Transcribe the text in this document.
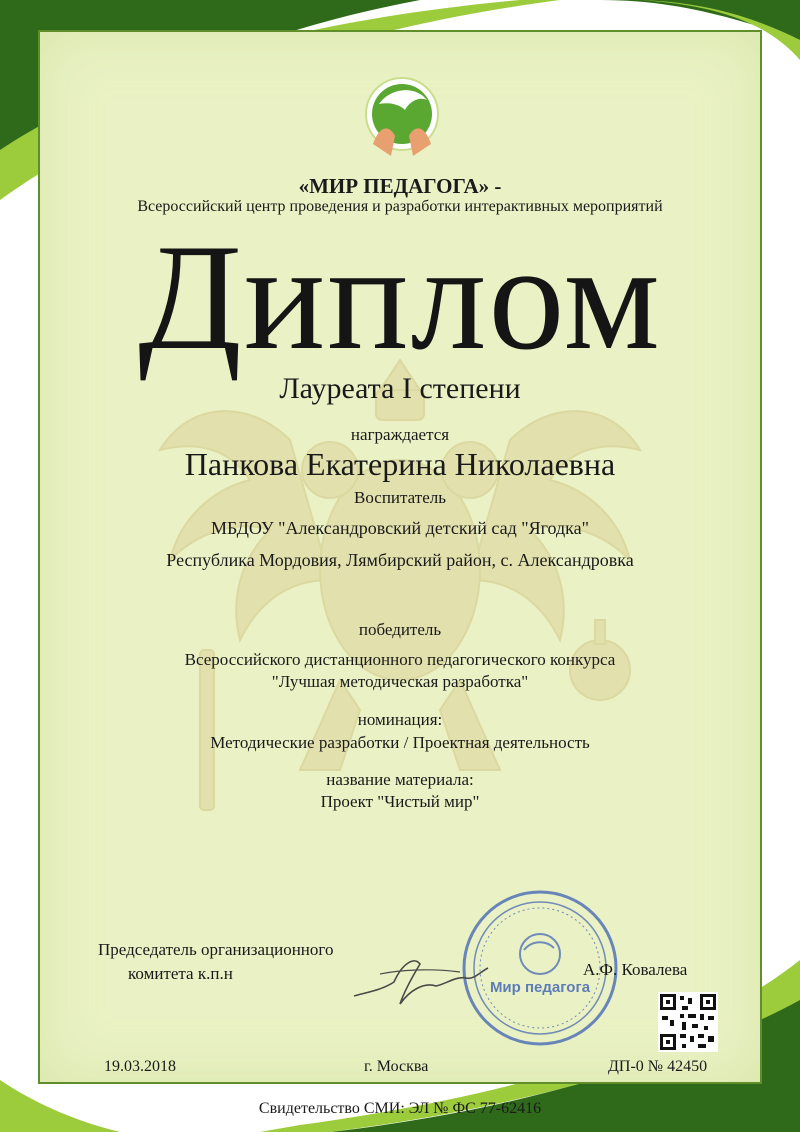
«МИР ПЕДАГОГА» -
Всероссийский центр проведения и разработки интерактивных мероприятий
Диплом
Лауреата I степени
награждается
Панкова Екатерина Николаевна
Воспитатель
МБДОУ "Александровский детский сад "Ягодка"
Республика Мордовия, Лямбирский район, с. Александровка
победитель
Всероссийского дистанционного педагогического конкурса
"Лучшая методическая разработка"
номинация:
Методические разработки / Проектная деятельность
название материала:
Проект "Чистый мир"
Мир педагога
Председатель организационного
комитета к.п.н	А.Ф. Ковалева
19.03.2018	г. Москва	ДП-0 № 42450
Свидетельство СМИ: ЭЛ № ФС 77-62416
